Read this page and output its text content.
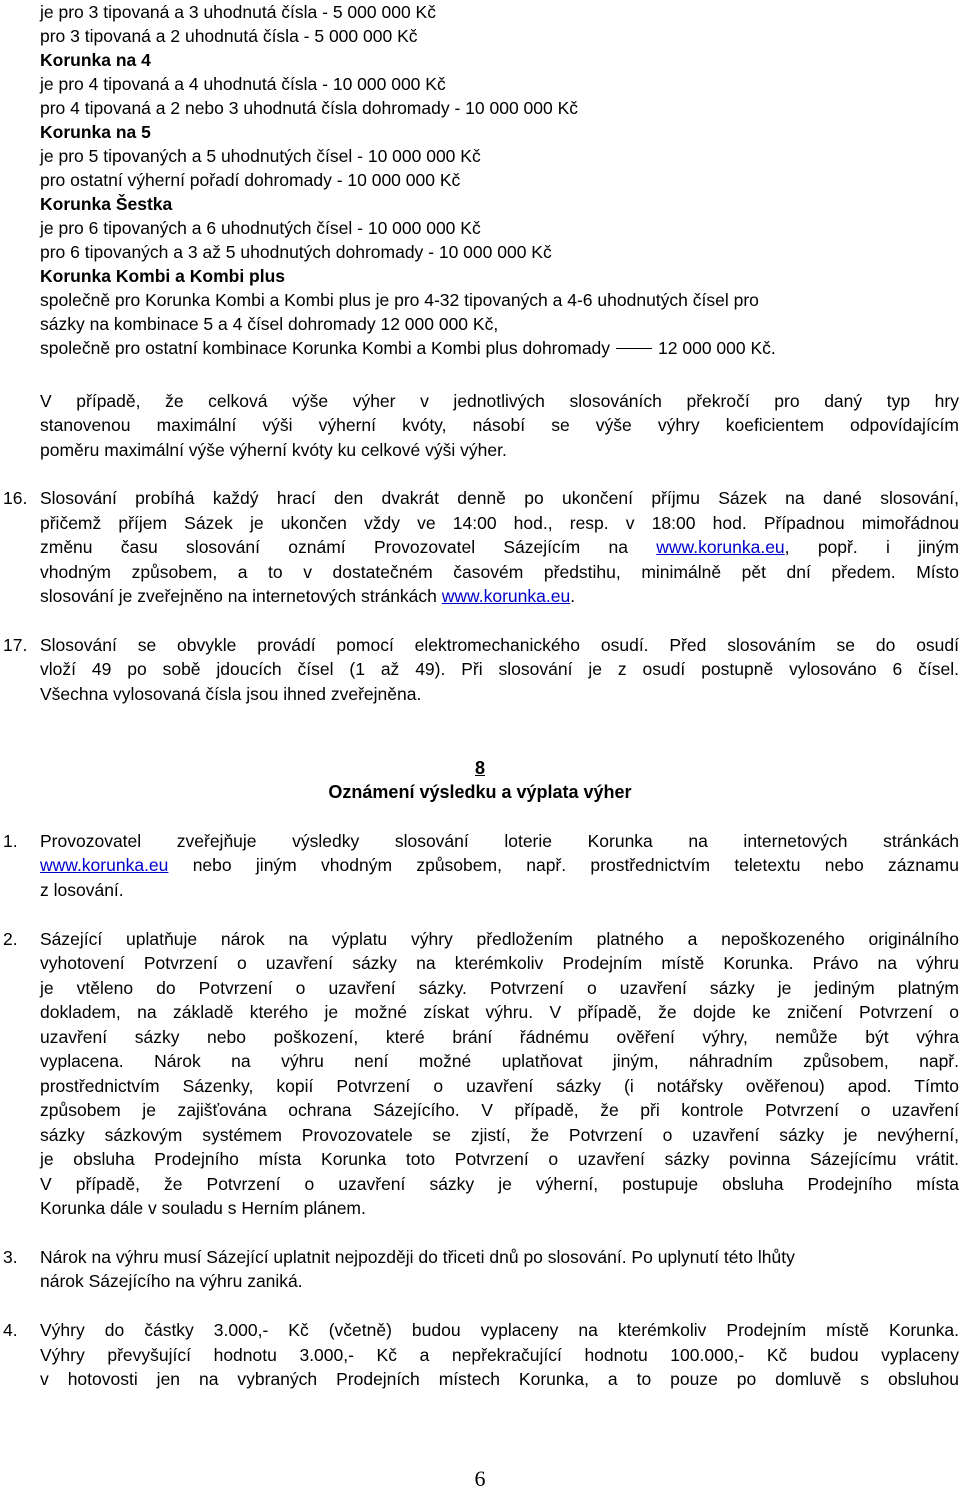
je pro 3 tipovaná a 3 uhodnutá čísla - 5 000 000 Kč
pro 3 tipovaná a 2 uhodnutá čísla - 5 000 000 Kč
Korunka na 4
je pro 4 tipovaná a 4 uhodnutá čísla - 10 000 000 Kč
pro 4 tipovaná a 2 nebo 3 uhodnutá čísla dohromady - 10 000 000 Kč
Korunka na 5
je pro 5 tipovaných a 5 uhodnutých čísel - 10 000 000 Kč
pro ostatní výherní pořadí dohromady - 10 000 000 Kč
Korunka Šestka
je pro 6 tipovaných a 6 uhodnutých čísel - 10 000 000 Kč
pro 6 tipovaných a 3 až 5 uhodnutých dohromady - 10 000 000 Kč
Korunka Kombi a Kombi plus
společně pro Korunka Kombi a Kombi plus je pro 4-32 tipovaných a 4-6 uhodnutých čísel pro
sázky na kombinace 5 a 4 čísel dohromady 12 000 000 Kč,
společně pro ostatní kombinace Korunka Kombi a Kombi plus dohromady	12 000 000 Kč.
V případě, že celková výše výher v jednotlivých slosováních překročí pro daný typ hry
stanovenou maximální výši výherní kvóty, násobí se výše výhry koeficientem odpovídajícím
poměru maximální výše výherní kvóty ku celkové výši výher.
16. Slosování probíhá každý hrací den dvakrát denně po ukončení příjmu Sázek na dané slosování,
přičemž příjem Sázek je ukončen vždy ve 14:00 hod., resp. v 18:00 hod. Případnou mimořádnou
změnu času slosování oznámí Provozovatel Sázejícím na www.korunka.eu, popř. i jiným
vhodným způsobem, a to v dostatečném časovém předstihu, minimálně pět dní předem. Místo
slosování je zveřejněno na internetových stránkách www.korunka.eu.
17. Slosování se obvykle provádí pomocí elektromechanického osudí. Před slosováním se do osudí
vloží 49 po sobě jdoucích čísel (1 až 49). Při slosování je z osudí postupně vylosováno 6 čísel.
Všechna vylosovaná čísla jsou ihned zveřejněna.
8
Oznámení výsledku a výplata výher
1. Provozovatel zveřejňuje výsledky slosování loterie Korunka na internetových stránkách
www.korunka.eu nebo jiným vhodným způsobem, např. prostřednictvím teletextu nebo záznamu
z losování.
2. Sázející uplatňuje nárok na výplatu výhry předložením platného a nepoškozeného originálního
vyhotovení Potvrzení o uzavření sázky na kterémkoliv Prodejním místě Korunka. Právo na výhru
je vtěleno do Potvrzení o uzavření sázky. Potvrzení o uzavření sázky je jediným platným
dokladem, na základě kterého je možné získat výhru. V případě, že dojde ke zničení Potvrzení o
uzavření sázky nebo poškození, které brání řádnému ověření výhry, nemůže být výhra
vyplacena. Nárok na výhru není možné uplatňovat jiným, náhradním způsobem, např.
prostřednictvím Sázenky, kopií Potvrzení o uzavření sázky (i notářsky ověřenou) apod. Tímto
způsobem je zajišťována ochrana Sázejícího. V případě, že při kontrole Potvrzení o uzavření
sázky sázkovým systémem Provozovatele se zjistí, že Potvrzení o uzavření sázky je nevýherní,
je obsluha Prodejního místa Korunka toto Potvrzení o uzavření sázky povinna Sázejícímu vrátit.
V případě, že Potvrzení o uzavření sázky je výherní, postupuje obsluha Prodejního místa
Korunka dále v souladu s Herním plánem.
3. Nárok na výhru musí Sázející uplatnit nejpozději do třiceti dnů po slosování. Po uplynutí této lhůty
nárok Sázejícího na výhru zaniká.
4. Výhry do částky 3.000,- Kč (včetně) budou vyplaceny na kterémkoliv Prodejním místě Korunka.
Výhry převyšující hodnotu 3.000,- Kč a nepřekračující hodnotu 100.000,- Kč budou vyplaceny
v hotovosti jen na vybraných Prodejních místech Korunka, a to pouze po domluvě s obsluhou
6
